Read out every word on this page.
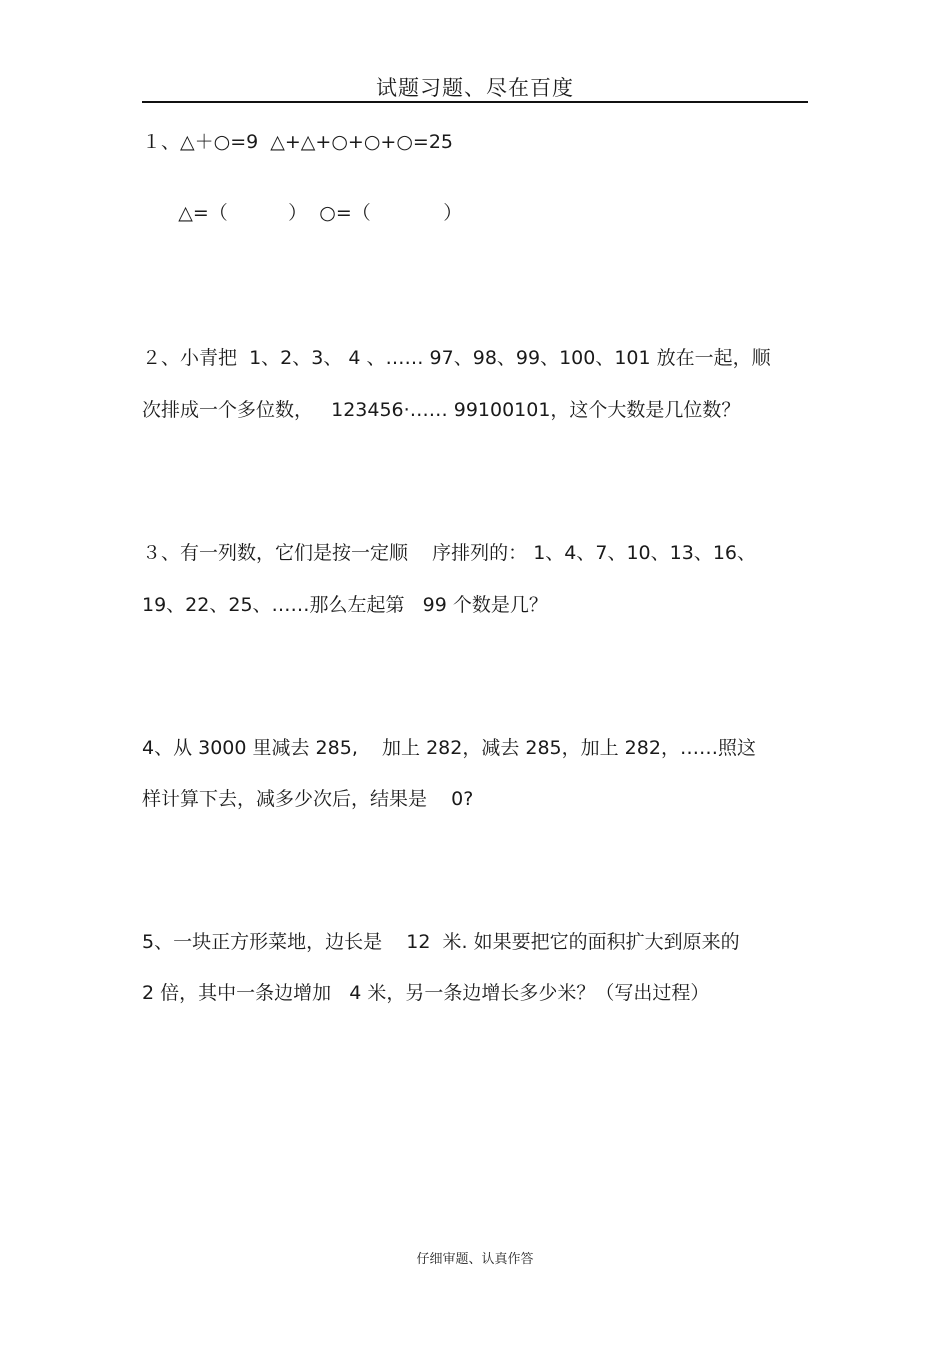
试题习题、尽在百度
１、△＋○=9  △+△+○+○+○=25
△=（          ）  ○=（            ）
２、小青把  1、2、3、 4 、…… 97、98、99、100、101 放在一起，顺
次排成一个多位数，   123456·…… 99100101，这个大数是几位数？
３、有一列数，它们是按一定顺    序排列的： 1、4、7、10、13、16、
19、22、25、……那么左起第   99 个数是几？
4、从 3000 里减去 285,    加上 282，减去 285，加上 282，……照这
样计算下去，减多少次后，结果是    0?
5、一块正方形菜地，边长是    12  米. 如果要把它的面积扩大到原来的
2 倍，其中一条边增加   4 米，另一条边增长多少米？（写出过程）
仔细审题、认真作答
